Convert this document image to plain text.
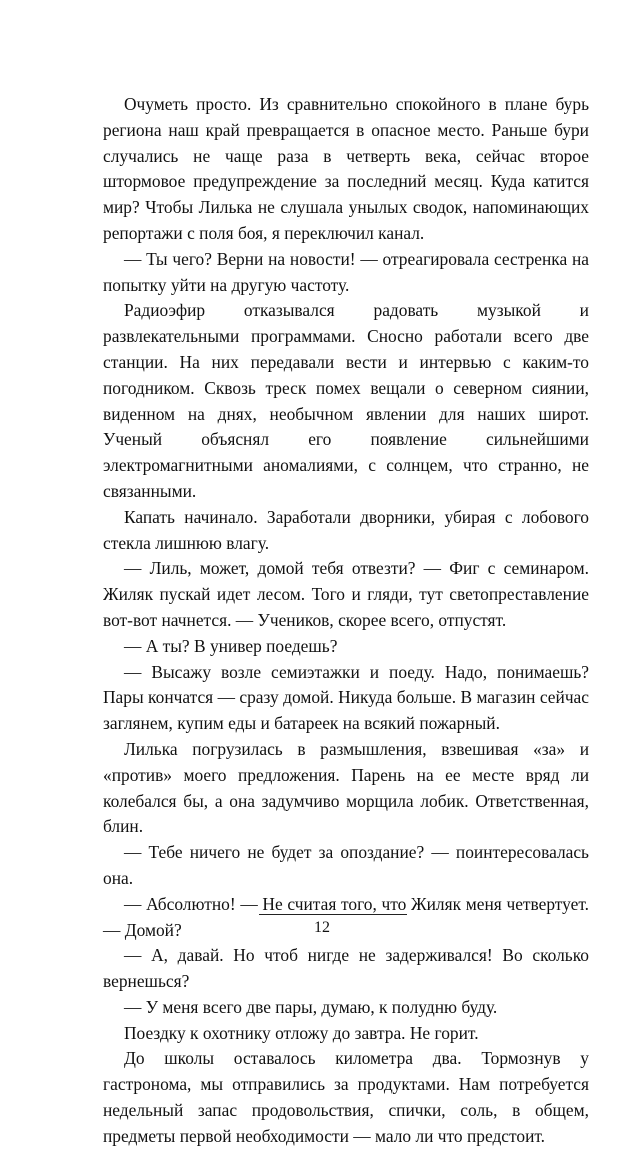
Очуметь просто. Из сравнительно спокойного в плане бурь региона наш край превращается в опасное место. Раньше бури случались не чаще раза в четверть века, сейчас второе штормовое предупреждение за последний месяц. Куда катится мир? Чтобы Лилька не слушала унылых сводок, напоминающих репортажи с поля боя, я переключил канал.

— Ты чего? Верни на новости! — отреагировала сестренка на попытку уйти на другую частоту.

Радиоэфир отказывался радовать музыкой и развлекательными программами. Сносно работали всего две станции. На них передавали вести и интервью с каким-то погодником. Сквозь треск помех вещали о северном сиянии, виденном на днях, необычном явлении для наших широт. Ученый объяснял его появление сильнейшими электромагнитными аномалиями, с солнцем, что странно, не связанными.

Капать начинало. Заработали дворники, убирая с лобового стекла лишнюю влагу.

— Лиль, может, домой тебя отвезти? — Фиг с семинаром. Жиляк пускай идет лесом. Того и гляди, тут светопреставление вот-вот начнется. — Учеников, скорее всего, отпустят.

— А ты? В универ поедешь?

— Высажу возле семиэтажки и поеду. Надо, понимаешь? Пары кончатся — сразу домой. Никуда больше. В магазин сейчас заглянем, купим еды и батареек на всякий пожарный.

Лилька погрузилась в размышления, взвешивая «за» и «против» моего предложения. Парень на ее месте вряд ли колебался бы, а она задумчиво морщила лобик. Ответственная, блин.

— Тебе ничего не будет за опоздание? — поинтересовалась она.

— Абсолютно! — Не считая того, что Жиляк меня четвертует. — Домой?

— А, давай. Но чтоб нигде не задерживался! Во сколько вернешься?

— У меня всего две пары, думаю, к полудню буду.

Поездку к охотнику отложу до завтра. Не горит.

До школы оставалось километра два. Тормознув у гастронома, мы отправились за продуктами. Нам потребуется недельный запас продовольствия, спички, соль, в общем, предметы первой необходимости — мало ли что предстоит.

12
